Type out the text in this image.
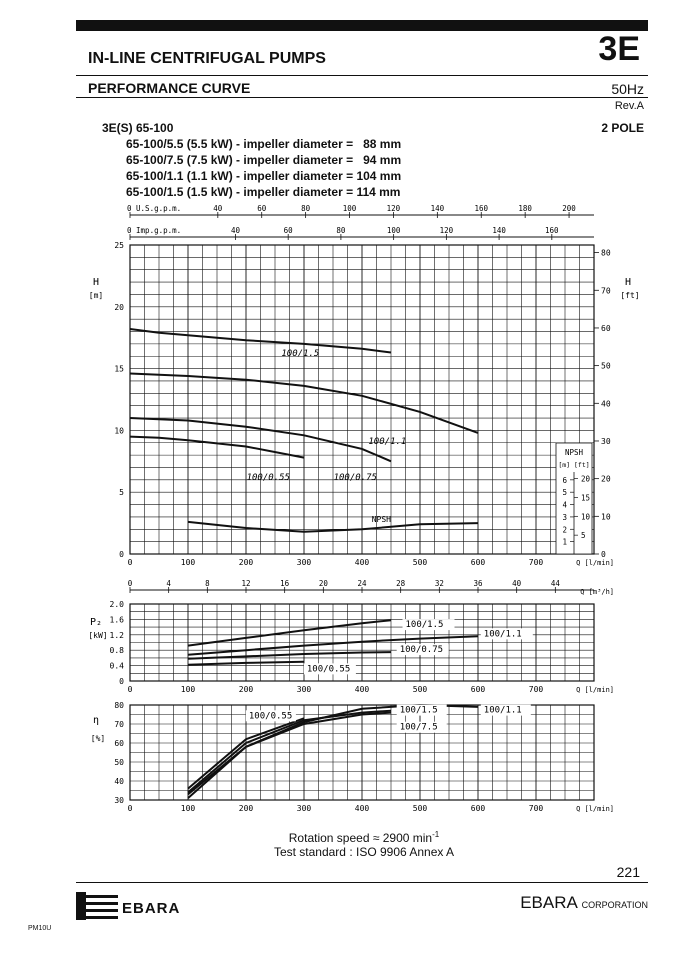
IN-LINE CENTRIFUGAL PUMPS	3E
PERFORMANCE CURVE	50Hz
Rev.A
3E(S) 65-100	2 POLE
65-100/5.5 (5.5 kW) - impeller diameter =   88 mm
65-100/7.5 (7.5 kW) - impeller diameter =   94 mm
65-100/1.1 (1.1 kW) - impeller diameter = 104 mm
65-100/1.5 (1.5 kW) - impeller diameter = 114 mm
0
5
10
15
20
25
0	100	200	300	400	500	600	700	Q [l/min]
0
0.4
0.8
1.2
1.6
2.0
0	100	200	300	400	500	600	700	Q [l/min]
30
40
50
60
70
80
0	100	200	300	400	500	600	700	Q [l/min]
H
[m]
H
[ft]
0
10
20
30
40
50
60
70
80
0 U.S.g.p.m.	40	60	80	100	120	140	160	180	200
0 Imp.g.p.m.	40	60	80	100	120	140	160
0	4	8	12	16	20	24	28	32	36	40	44
Q [m³/h]
NPSH
NPSH
[m] [ft]
1
2
3
4
5
6
5
10
15
20
100/1.5
100/1.1
100/0.75
100/0.55
P₂
[kW]
100/1.5
100/1.1
100/0.75
100/0.55
η
[%]
100/1.1
100/1.5
100/7.5
100/0.55
Rotation speed ≈ 2900 $\min^{-1}$
Test standard : ISO 9906 Annex A
221
EBARA	EBARA CORPORATION
PM10U
